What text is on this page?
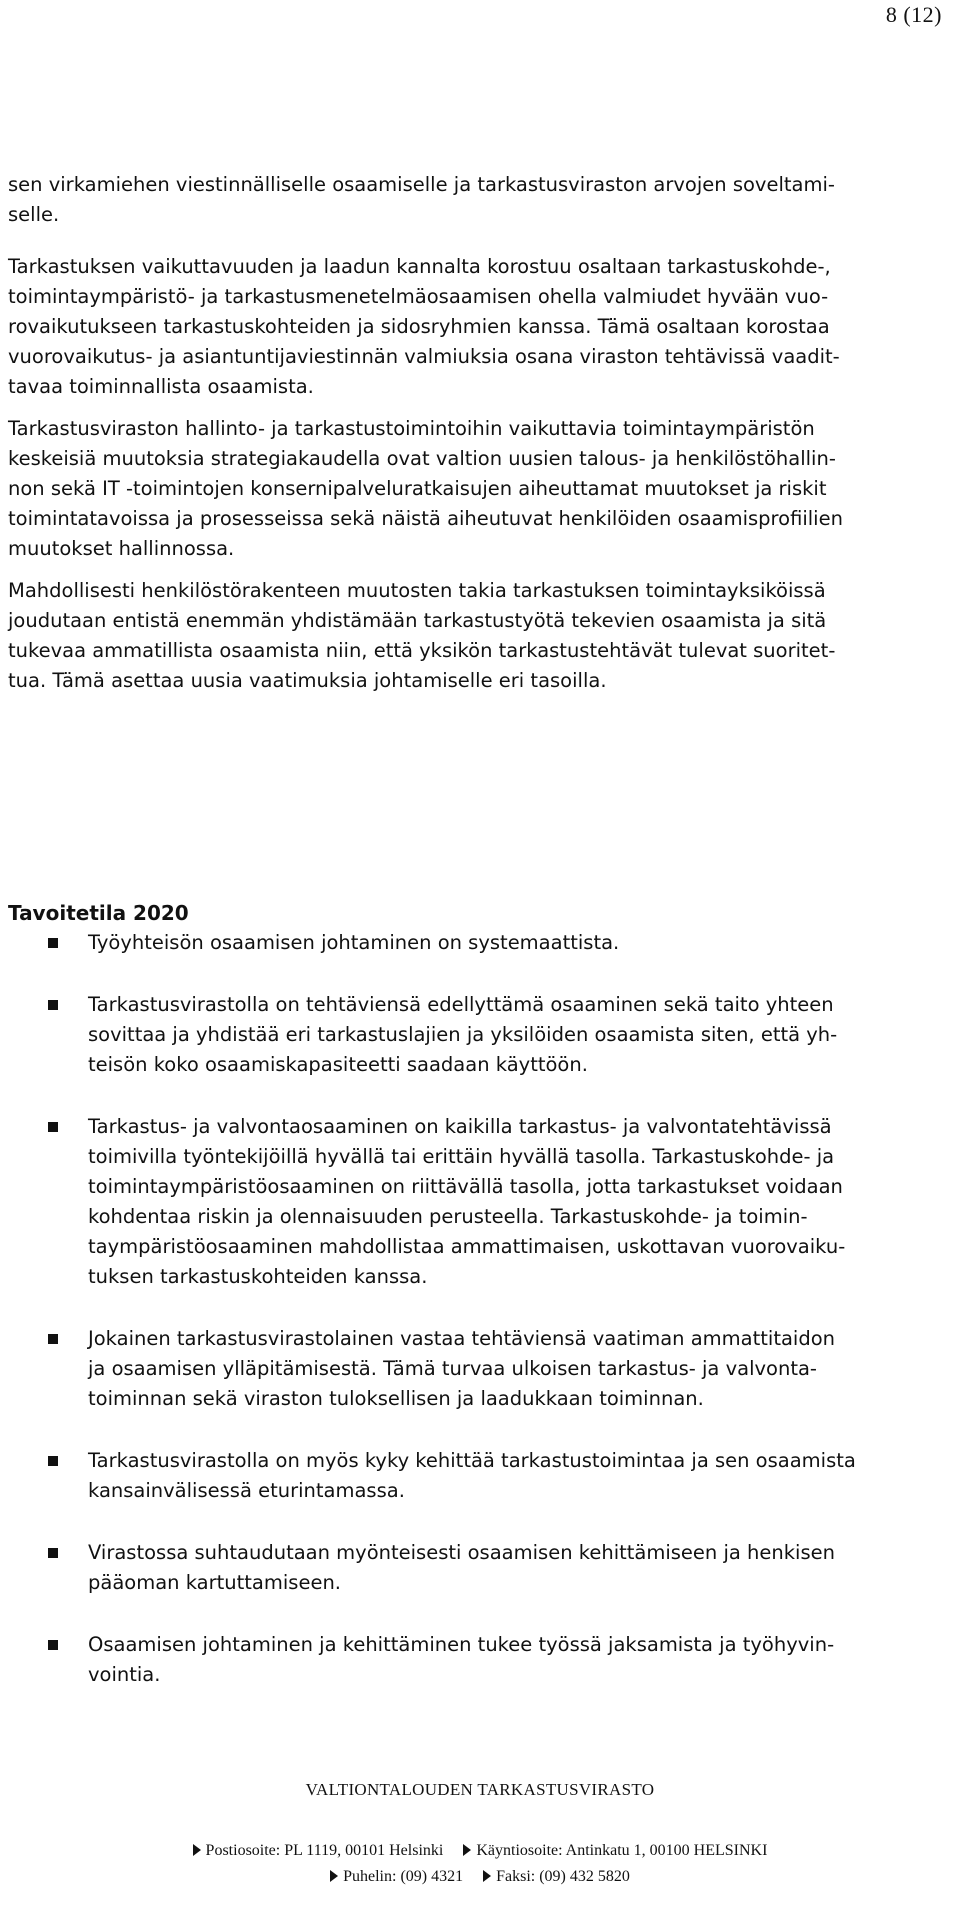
8 (12)
sen virkamiehen viestinnälliselle osaamiselle ja tarkastusviraston arvojen soveltami-
selle.
Tarkastuksen vaikuttavuuden ja laadun kannalta korostuu osaltaan tarkastuskohde-,
toimintaympäristö- ja tarkastusmenetelmäosaamisen ohella valmiudet hyvään vuo-
rovaikutukseen tarkastuskohteiden ja sidosryhmien kanssa. Tämä osaltaan korostaa
vuorovaikutus- ja asiantuntijaviestinnän valmiuksia osana viraston tehtävissä vaadit-
tavaa toiminnallista osaamista.
Tarkastusviraston hallinto- ja tarkastustoimintoihin vaikuttavia toimintaympäristön
keskeisiä muutoksia strategiakaudella ovat valtion uusien talous- ja henkilöstöhallin-
non sekä IT -toimintojen konsernipalveluratkaisujen aiheuttamat muutokset ja riskit
toimintatavoissa ja prosesseissa sekä näistä aiheutuvat henkilöiden osaamisprofiilien
muutokset hallinnossa.
Mahdollisesti henkilöstörakenteen muutosten takia tarkastuksen toimintayksiköissä
joudutaan entistä enemmän yhdistämään tarkastustyötä tekevien osaamista ja sitä
tukevaa ammatillista osaamista niin, että yksikön tarkastustehtävät tulevat suoritet-
tua. Tämä asettaa uusia vaatimuksia johtamiselle eri tasoilla.
Tavoitetila 2020
Työyhteisön osaamisen johtaminen on systemaattista.
Tarkastusvirastolla on tehtäviensä edellyttämä osaaminen sekä taito yhteen
sovittaa ja yhdistää eri tarkastuslajien ja yksilöiden osaamista siten, että yh-
teisön koko osaamiskapasiteetti saadaan käyttöön.
Tarkastus- ja valvontaosaaminen on kaikilla tarkastus- ja valvontatehtävissä
toimivilla työntekijöillä hyvällä tai erittäin hyvällä tasolla. Tarkastuskohde- ja
toimintaympäristöosaaminen on riittävällä tasolla, jotta tarkastukset voidaan
kohdentaa riskin ja olennaisuuden perusteella. Tarkastuskohde- ja toimin-
taympäristöosaaminen mahdollistaa ammattimaisen, uskottavan vuorovaiku-
tuksen tarkastuskohteiden kanssa.
Jokainen tarkastusvirastolainen vastaa tehtäviensä vaatiman ammattitaidon
ja osaamisen ylläpitämisestä. Tämä turvaa ulkoisen tarkastus- ja valvonta-
toiminnan sekä viraston tuloksellisen ja laadukkaan toiminnan.
Tarkastusvirastolla on myös kyky kehittää tarkastustoimintaa ja sen osaamista
kansainvälisessä eturintamassa.
Virastossa suhtaudutaan myönteisesti osaamisen kehittämiseen ja henkisen
pääoman kartuttamiseen.
Osaamisen johtaminen ja kehittäminen tukee työssä jaksamista ja työhyvin-
vointia.
VALTIONTALOUDEN TARKASTUSVIRASTO
Postiosoite: PL 1119, 00101 Helsinki Käyntiosoite: Antinkatu 1, 00100 HELSINKI
Puhelin: (09) 4321 Faksi: (09) 432 5820
